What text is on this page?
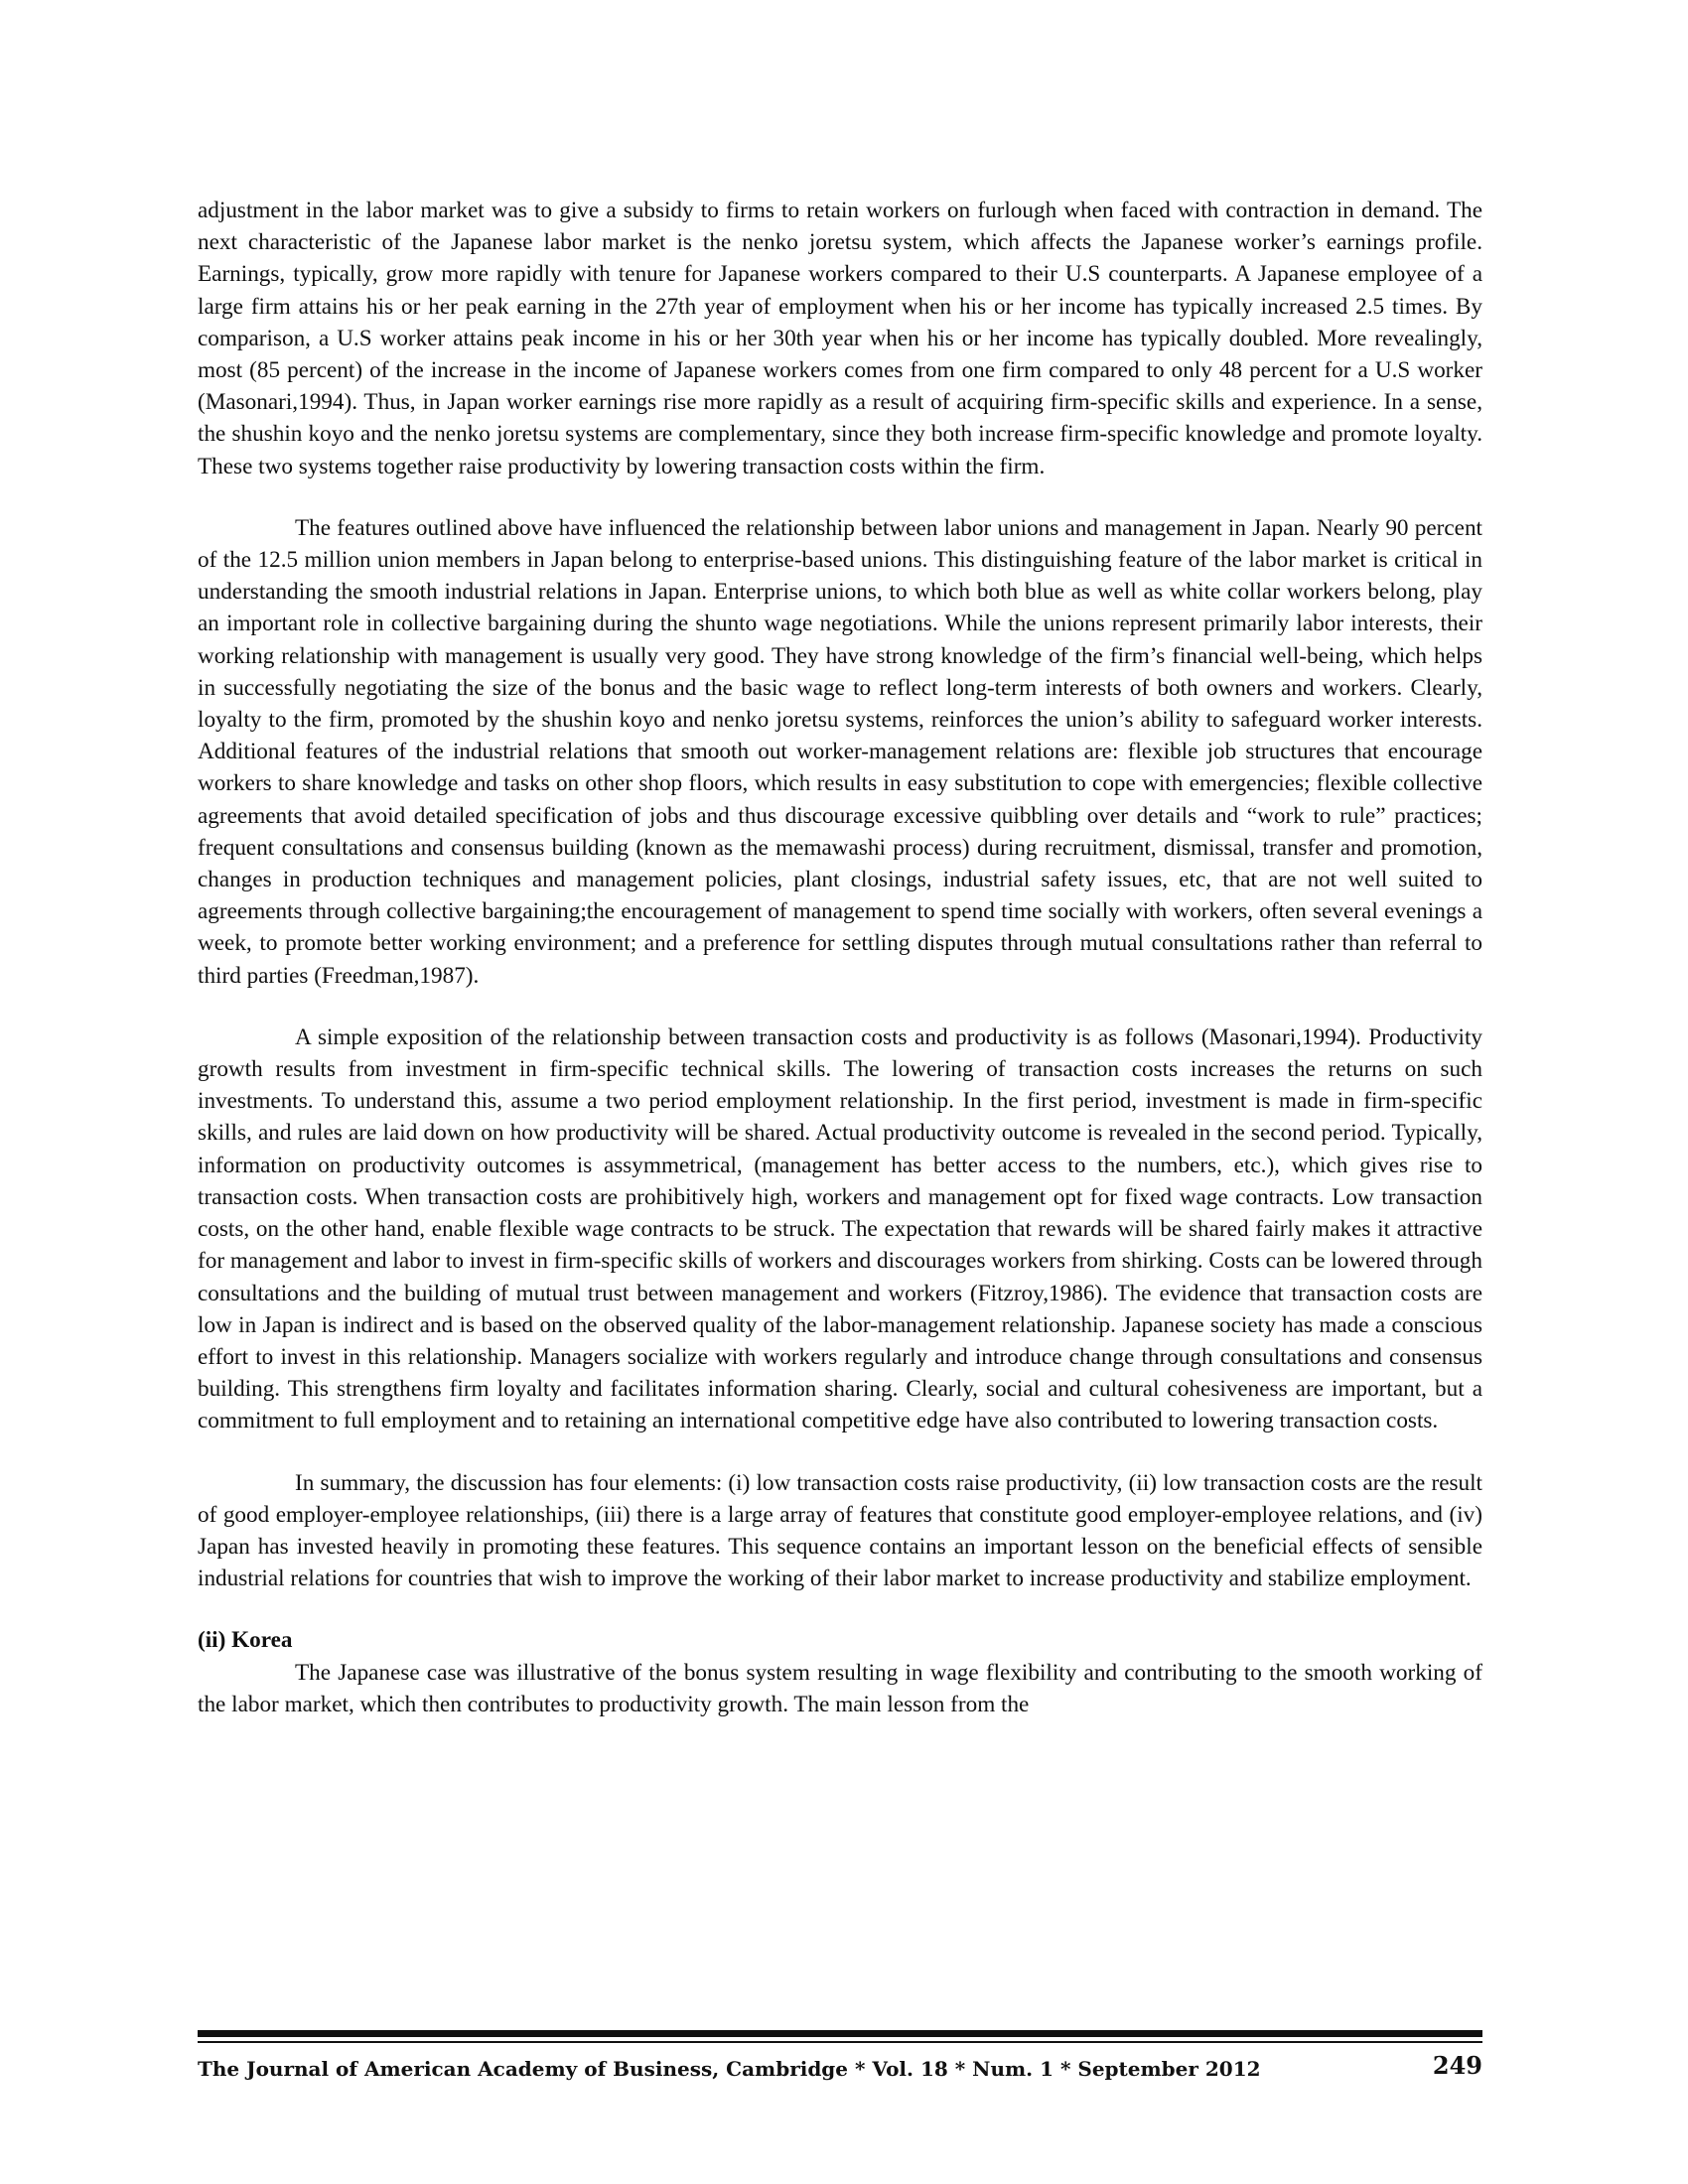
adjustment in the labor market was to give a subsidy to firms to retain workers on furlough when faced with contraction in demand. The next characteristic of the Japanese labor market is the nenko joretsu system, which affects the Japanese worker’s earnings profile. Earnings, typically, grow more rapidly with tenure for Japanese workers compared to their U.S counterparts. A Japanese employee of a large firm attains his or her peak earning in the 27th year of employment when his or her income has typically increased 2.5 times. By comparison, a U.S worker attains peak income in his or her 30th year when his or her income has typically doubled. More revealingly, most (85 percent) of the increase in the income of Japanese workers comes from one firm compared to only 48 percent for a U.S worker (Masonari,1994). Thus, in Japan worker earnings rise more rapidly as a result of acquiring firm-specific skills and experience. In a sense, the shushin koyo and the nenko joretsu systems are complementary, since they both increase firm-specific knowledge and promote loyalty. These two systems together raise productivity by lowering transaction costs within the firm.

The features outlined above have influenced the relationship between labor unions and management in Japan. Nearly 90 percent of the 12.5 million union members in Japan belong to enterprise-based unions. This distinguishing feature of the labor market is critical in understanding the smooth industrial relations in Japan. Enterprise unions, to which both blue as well as white collar workers belong, play an important role in collective bargaining during the shunto wage negotiations. While the unions represent primarily labor interests, their working relationship with management is usually very good. They have strong knowledge of the firm’s financial well-being, which helps in successfully negotiating the size of the bonus and the basic wage to reflect long-term interests of both owners and workers. Clearly, loyalty to the firm, promoted by the shushin koyo and nenko joretsu systems, reinforces the union’s ability to safeguard worker interests. Additional features of the industrial relations that smooth out worker-management relations are: flexible job structures that encourage workers to share knowledge and tasks on other shop floors, which results in easy substitution to cope with emergencies; flexible collective agreements that avoid detailed specification of jobs and thus discourage excessive quibbling over details and “work to rule” practices; frequent consultations and consensus building (known as the memawashi process) during recruitment, dismissal, transfer and promotion, changes in production techniques and management policies, plant closings, industrial safety issues, etc, that are not well suited to agreements through collective bargaining;the encouragement of management to spend time socially with workers, often several evenings a week, to promote better working environment; and a preference for settling disputes through mutual consultations rather than referral to third parties (Freedman,1987).

A simple exposition of the relationship between transaction costs and productivity is as follows (Masonari,1994). Productivity growth results from investment in firm-specific technical skills. The lowering of transaction costs increases the returns on such investments. To understand this, assume a two period employment relationship. In the first period, investment is made in firm-specific skills, and rules are laid down on how productivity will be shared. Actual productivity outcome is revealed in the second period. Typically, information on productivity outcomes is assymmetrical, (management has better access to the numbers, etc.), which gives rise to transaction costs. When transaction costs are prohibitively high, workers and management opt for fixed wage contracts. Low transaction costs, on the other hand, enable flexible wage contracts to be struck. The expectation that rewards will be shared fairly makes it attractive for management and labor to invest in firm-specific skills of workers and discourages workers from shirking. Costs can be lowered through consultations and the building of mutual trust between management and workers (Fitzroy,1986). The evidence that transaction costs are low in Japan is indirect and is based on the observed quality of the labor-management relationship. Japanese society has made a conscious effort to invest in this relationship. Managers socialize with workers regularly and introduce change through consultations and consensus building. This strengthens firm loyalty and facilitates information sharing. Clearly, social and cultural cohesiveness are important, but a commitment to full employment and to retaining an international competitive edge have also contributed to lowering transaction costs.

In summary, the discussion has four elements: (i) low transaction costs raise productivity, (ii) low transaction costs are the result of good employer-employee relationships, (iii) there is a large array of features that constitute good employer-employee relations, and (iv) Japan has invested heavily in promoting these features. This sequence contains an important lesson on the beneficial effects of sensible industrial relations for countries that wish to improve the working of their labor market to increase productivity and stabilize employment.

(ii) Korea

The Japanese case was illustrative of the bonus system resulting in wage flexibility and contributing to the smooth working of the labor market, which then contributes to productivity growth. The main lesson from the

The Journal of American Academy of Business, Cambridge * Vol. 18 * Num. 1 * September 2012	249
